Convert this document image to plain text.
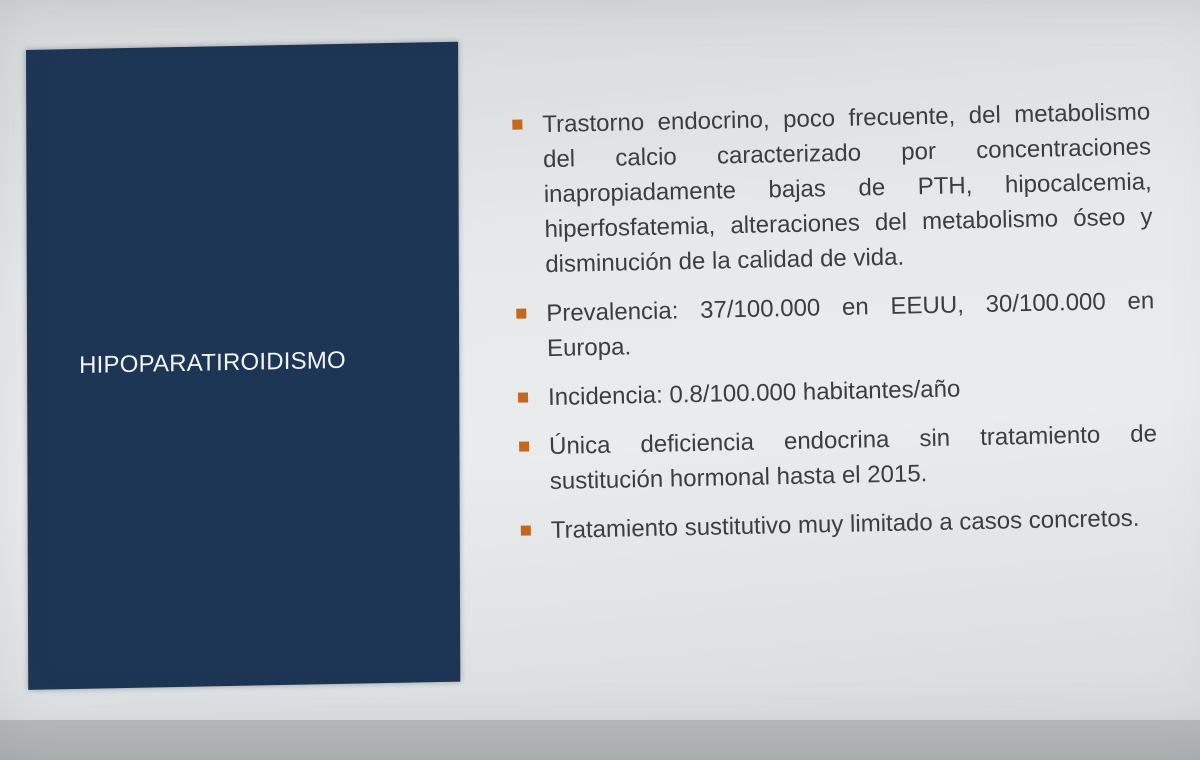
HIPOPARATIROIDISMO
Trastorno endocrino, poco frecuente, del metabolismo del calcio caracterizado por concentraciones inapropiadamente bajas de PTH, hipocalcemia, hiperfosfatemia, alteraciones del metabolismo óseo y disminución de la calidad de vida.
Prevalencia: 37/100.000 en EEUU, 30/100.000 en Europa.
Incidencia: 0.8/100.000 habitantes/año
Única deficiencia endocrina sin tratamiento de sustitución hormonal hasta el 2015.
Tratamiento sustitutivo muy limitado a casos concretos.
